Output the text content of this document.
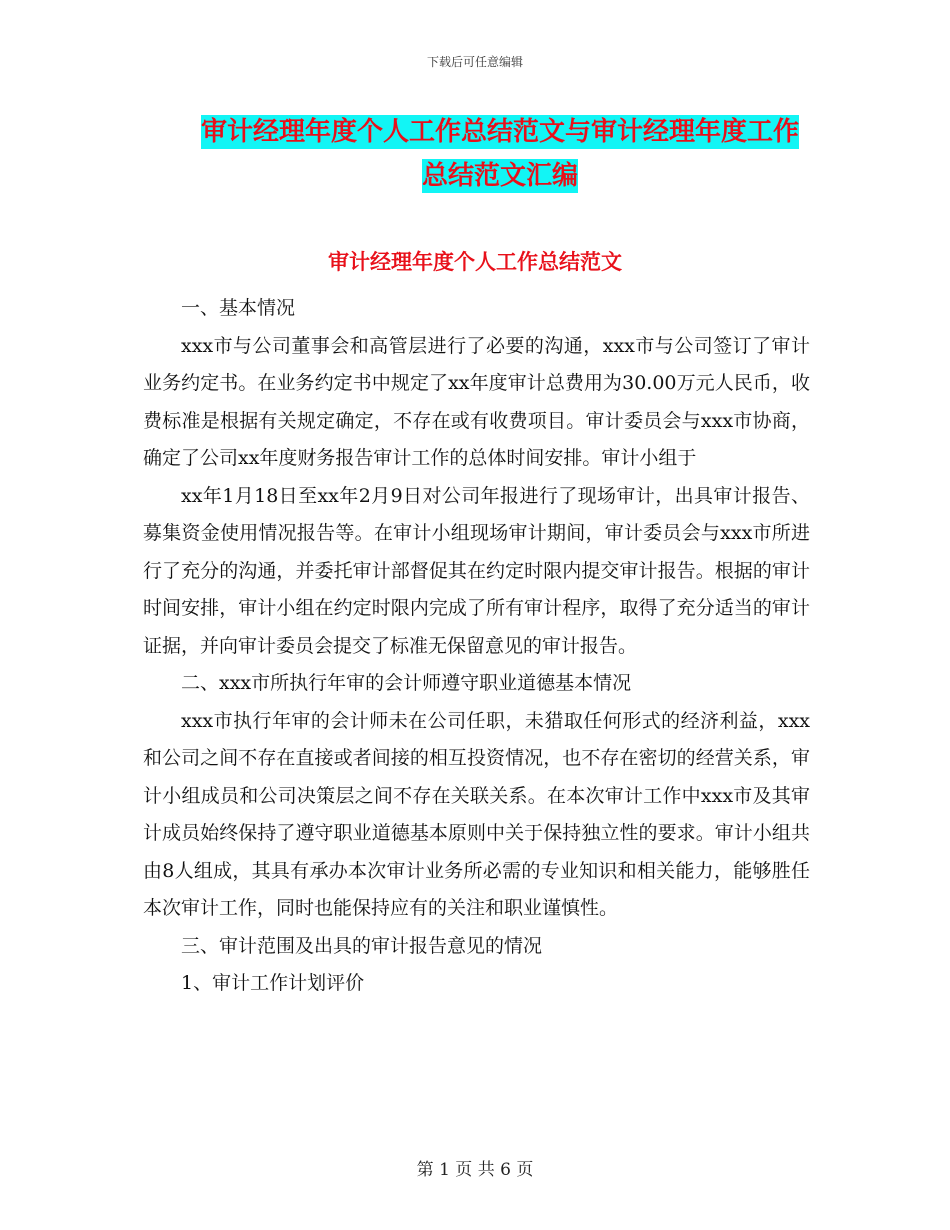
下载后可任意编辑
审计经理年度个人工作总结范文与审计经理年度工作
总结范文汇编
审计经理年度个人工作总结范文

一、基本情况

xxx市与公司董事会和高管层进行了必要的沟通，xxx市与公司签订了审计业务约定书。在业务约定书中规定了xx年度审计总费用为30.00万元人民币，收费标准是根据有关规定确定，不存在或有收费项目。审计委员会与xxx市协商，确定了公司xx年度财务报告审计工作的总体时间安排。审计小组于

xx年1月18日至xx年2月9日对公司年报进行了现场审计，出具审计报告、募集资金使用情况报告等。在审计小组现场审计期间，审计委员会与xxx市所进行了充分的沟通，并委托审计部督促其在约定时限内提交审计报告。根据的审计时间安排，审计小组在约定时限内完成了所有审计程序，取得了充分适当的审计证据，并向审计委员会提交了标准无保留意见的审计报告。

二、xxx市所执行年审的会计师遵守职业道德基本情况

xxx市执行年审的会计师未在公司任职，未猎取任何形式的经济利益，xxx和公司之间不存在直接或者间接的相互投资情况，也不存在密切的经营关系，审计小组成员和公司决策层之间不存在关联关系。在本次审计工作中xxx市及其审计成员始终保持了遵守职业道德基本原则中关于保持独立性的要求。审计小组共由8人组成，其具有承办本次审计业务所必需的专业知识和相关能力，能够胜任本次审计工作，同时也能保持应有的关注和职业谨慎性。

三、审计范围及出具的审计报告意见的情况

1、审计工作计划评价

第 1 页 共 6 页
